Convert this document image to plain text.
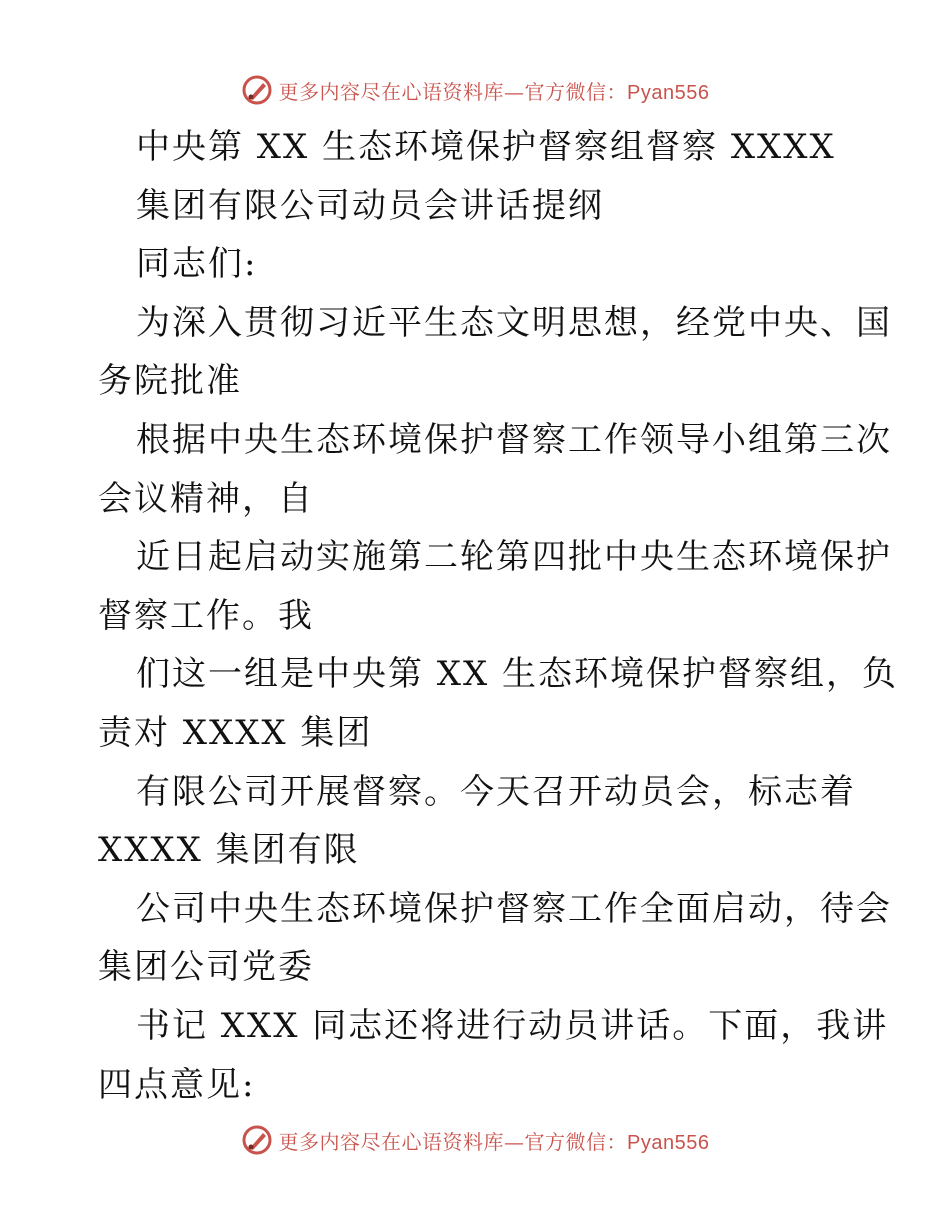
更多内容尽在心语资料库—官方微信：Pyan556
中央第 XX 生态环境保护督察组督察 XXXX
集团有限公司动员会讲话提纲
同志们:
为深入贯彻习近平生态文明思想，经党中央、国
务院批准
根据中央生态环境保护督察工作领导小组第三次
会议精神，自
近日起启动实施第二轮第四批中央生态环境保护
督察工作。我
们这一组是中央第 XX 生态环境保护督察组，负
责对 XXXX 集团
有限公司开展督察。今天召开动员会，标志着
XXXX 集团有限
公司中央生态环境保护督察工作全面启动，待会
集团公司党委
书记 XXX 同志还将进行动员讲话。下面，我讲
四点意见:
更多内容尽在心语资料库—官方微信：Pyan556
